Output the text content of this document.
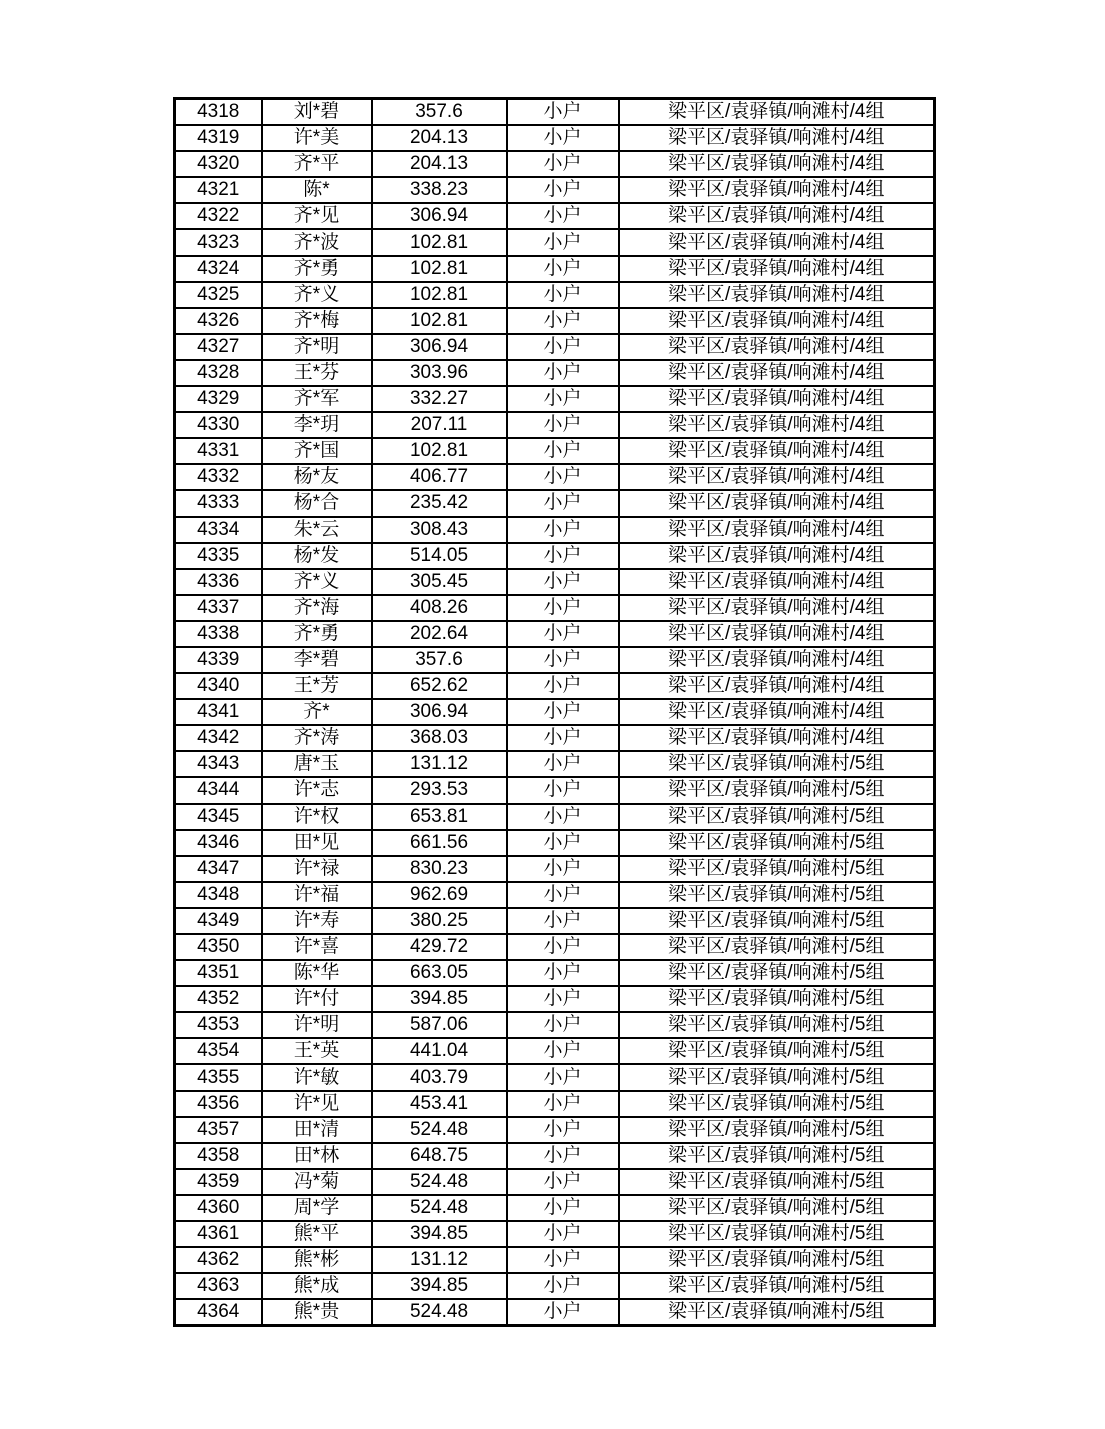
4318	刘*碧	357.6	小户	梁平区/袁驿镇/响滩村/4组
4319	许*美	204.13	小户	梁平区/袁驿镇/响滩村/4组
4320	齐*平	204.13	小户	梁平区/袁驿镇/响滩村/4组
4321	陈*	338.23	小户	梁平区/袁驿镇/响滩村/4组
4322	齐*见	306.94	小户	梁平区/袁驿镇/响滩村/4组
4323	齐*波	102.81	小户	梁平区/袁驿镇/响滩村/4组
4324	齐*勇	102.81	小户	梁平区/袁驿镇/响滩村/4组
4325	齐*义	102.81	小户	梁平区/袁驿镇/响滩村/4组
4326	齐*梅	102.81	小户	梁平区/袁驿镇/响滩村/4组
4327	齐*明	306.94	小户	梁平区/袁驿镇/响滩村/4组
4328	王*芬	303.96	小户	梁平区/袁驿镇/响滩村/4组
4329	齐*军	332.27	小户	梁平区/袁驿镇/响滩村/4组
4330	李*玥	207.11	小户	梁平区/袁驿镇/响滩村/4组
4331	齐*国	102.81	小户	梁平区/袁驿镇/响滩村/4组
4332	杨*友	406.77	小户	梁平区/袁驿镇/响滩村/4组
4333	杨*合	235.42	小户	梁平区/袁驿镇/响滩村/4组
4334	朱*云	308.43	小户	梁平区/袁驿镇/响滩村/4组
4335	杨*发	514.05	小户	梁平区/袁驿镇/响滩村/4组
4336	齐*义	305.45	小户	梁平区/袁驿镇/响滩村/4组
4337	齐*海	408.26	小户	梁平区/袁驿镇/响滩村/4组
4338	齐*勇	202.64	小户	梁平区/袁驿镇/响滩村/4组
4339	李*碧	357.6	小户	梁平区/袁驿镇/响滩村/4组
4340	王*芳	652.62	小户	梁平区/袁驿镇/响滩村/4组
4341	齐*	306.94	小户	梁平区/袁驿镇/响滩村/4组
4342	齐*涛	368.03	小户	梁平区/袁驿镇/响滩村/4组
4343	唐*玉	131.12	小户	梁平区/袁驿镇/响滩村/5组
4344	许*志	293.53	小户	梁平区/袁驿镇/响滩村/5组
4345	许*权	653.81	小户	梁平区/袁驿镇/响滩村/5组
4346	田*见	661.56	小户	梁平区/袁驿镇/响滩村/5组
4347	许*禄	830.23	小户	梁平区/袁驿镇/响滩村/5组
4348	许*福	962.69	小户	梁平区/袁驿镇/响滩村/5组
4349	许*寿	380.25	小户	梁平区/袁驿镇/响滩村/5组
4350	许*喜	429.72	小户	梁平区/袁驿镇/响滩村/5组
4351	陈*华	663.05	小户	梁平区/袁驿镇/响滩村/5组
4352	许*付	394.85	小户	梁平区/袁驿镇/响滩村/5组
4353	许*明	587.06	小户	梁平区/袁驿镇/响滩村/5组
4354	王*英	441.04	小户	梁平区/袁驿镇/响滩村/5组
4355	许*敏	403.79	小户	梁平区/袁驿镇/响滩村/5组
4356	许*见	453.41	小户	梁平区/袁驿镇/响滩村/5组
4357	田*清	524.48	小户	梁平区/袁驿镇/响滩村/5组
4358	田*林	648.75	小户	梁平区/袁驿镇/响滩村/5组
4359	冯*菊	524.48	小户	梁平区/袁驿镇/响滩村/5组
4360	周*学	524.48	小户	梁平区/袁驿镇/响滩村/5组
4361	熊*平	394.85	小户	梁平区/袁驿镇/响滩村/5组
4362	熊*彬	131.12	小户	梁平区/袁驿镇/响滩村/5组
4363	熊*成	394.85	小户	梁平区/袁驿镇/响滩村/5组
4364	熊*贵	524.48	小户	梁平区/袁驿镇/响滩村/5组
